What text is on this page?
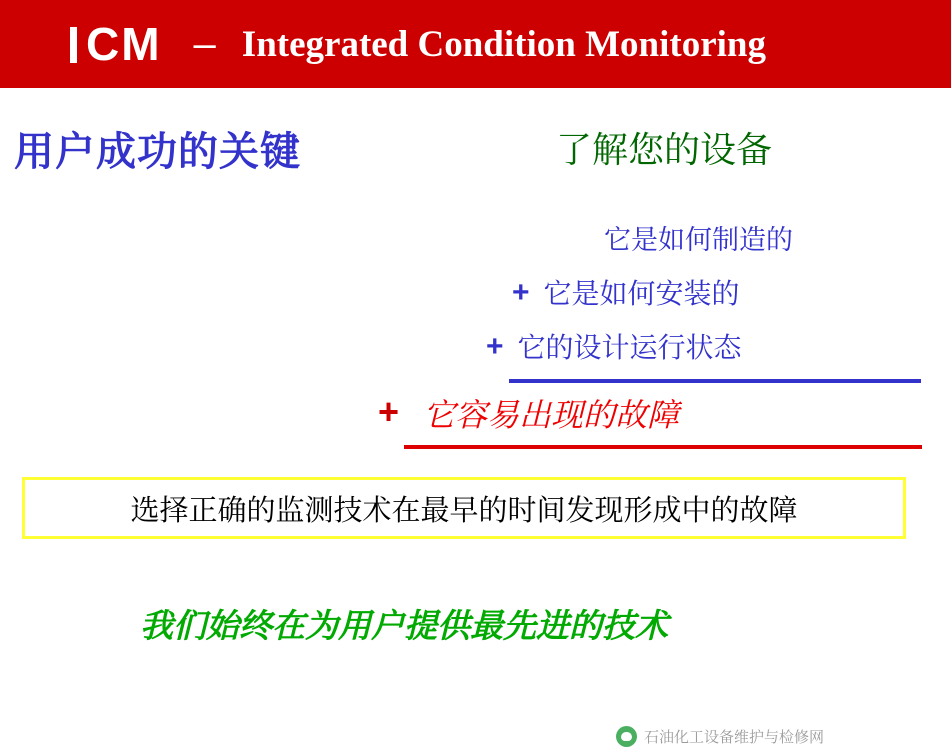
CM – Integrated Condition Monitoring
用户成功的关键	了解您的设备
它是如何制造的
+ 它是如何安装的
+ 它的设计运行状态
+ 它容易出现的故障
选择正确的监测技术在最早的时间发现形成中的故障
我们始终在为用户提供最先进的技术
石油化工设备维护与检修网
